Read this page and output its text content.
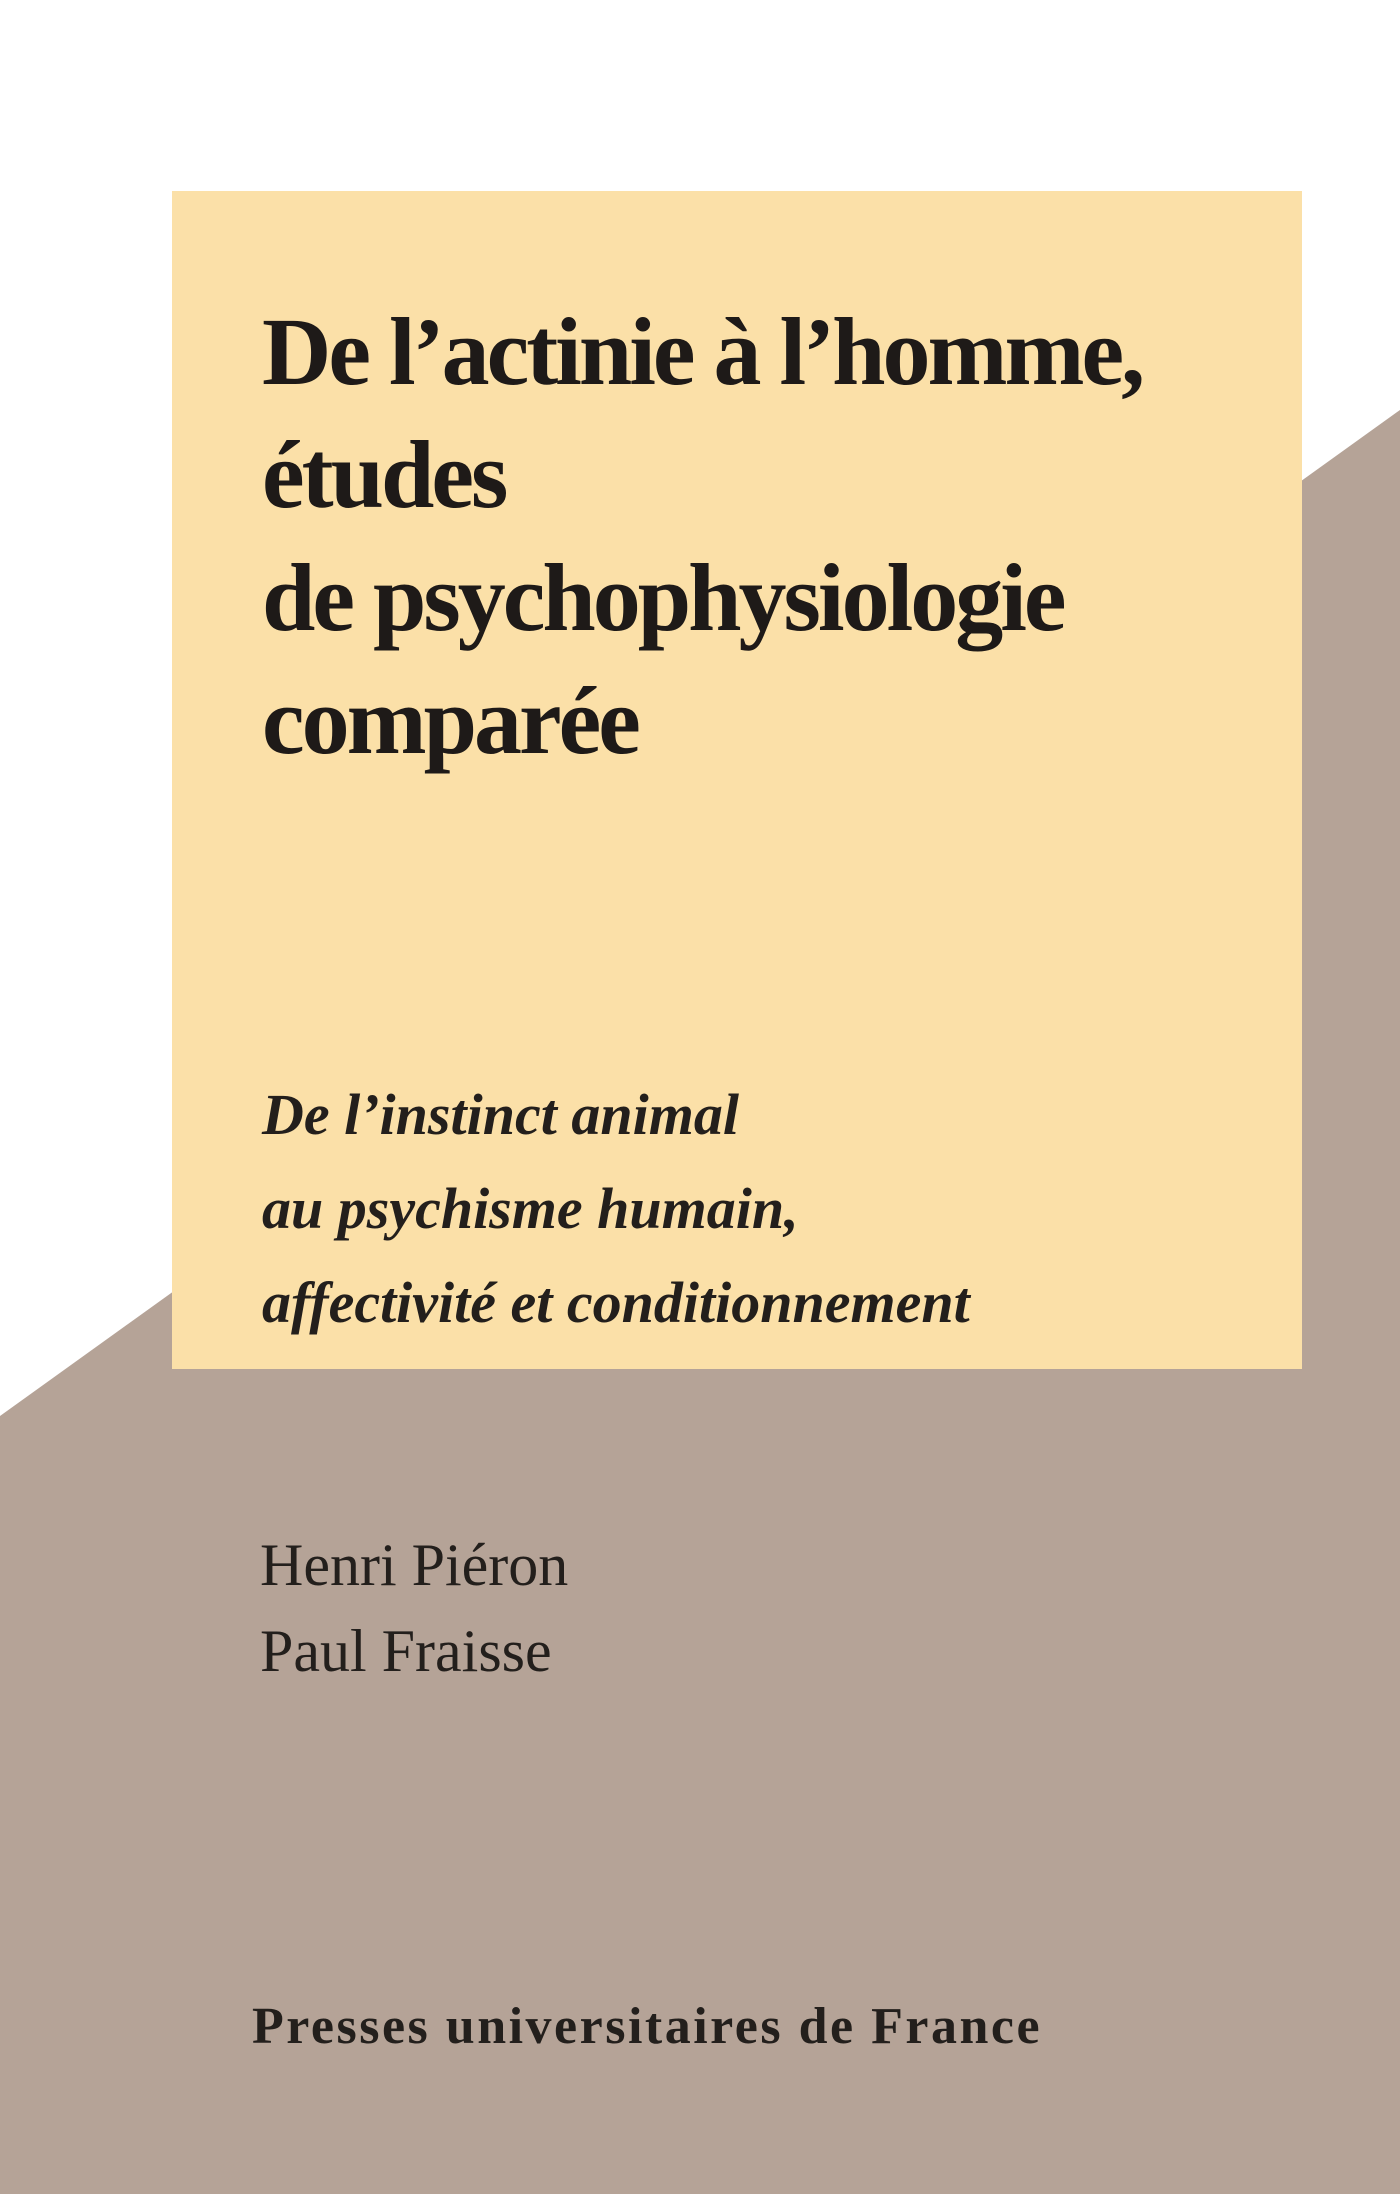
De l’actinie à l’homme,
études
de psychophysiologie
comparée
De l’instinct animal
au psychisme humain,
affectivité et conditionnement
Henri Piéron
Paul Fraisse
Presses universitaires de France
